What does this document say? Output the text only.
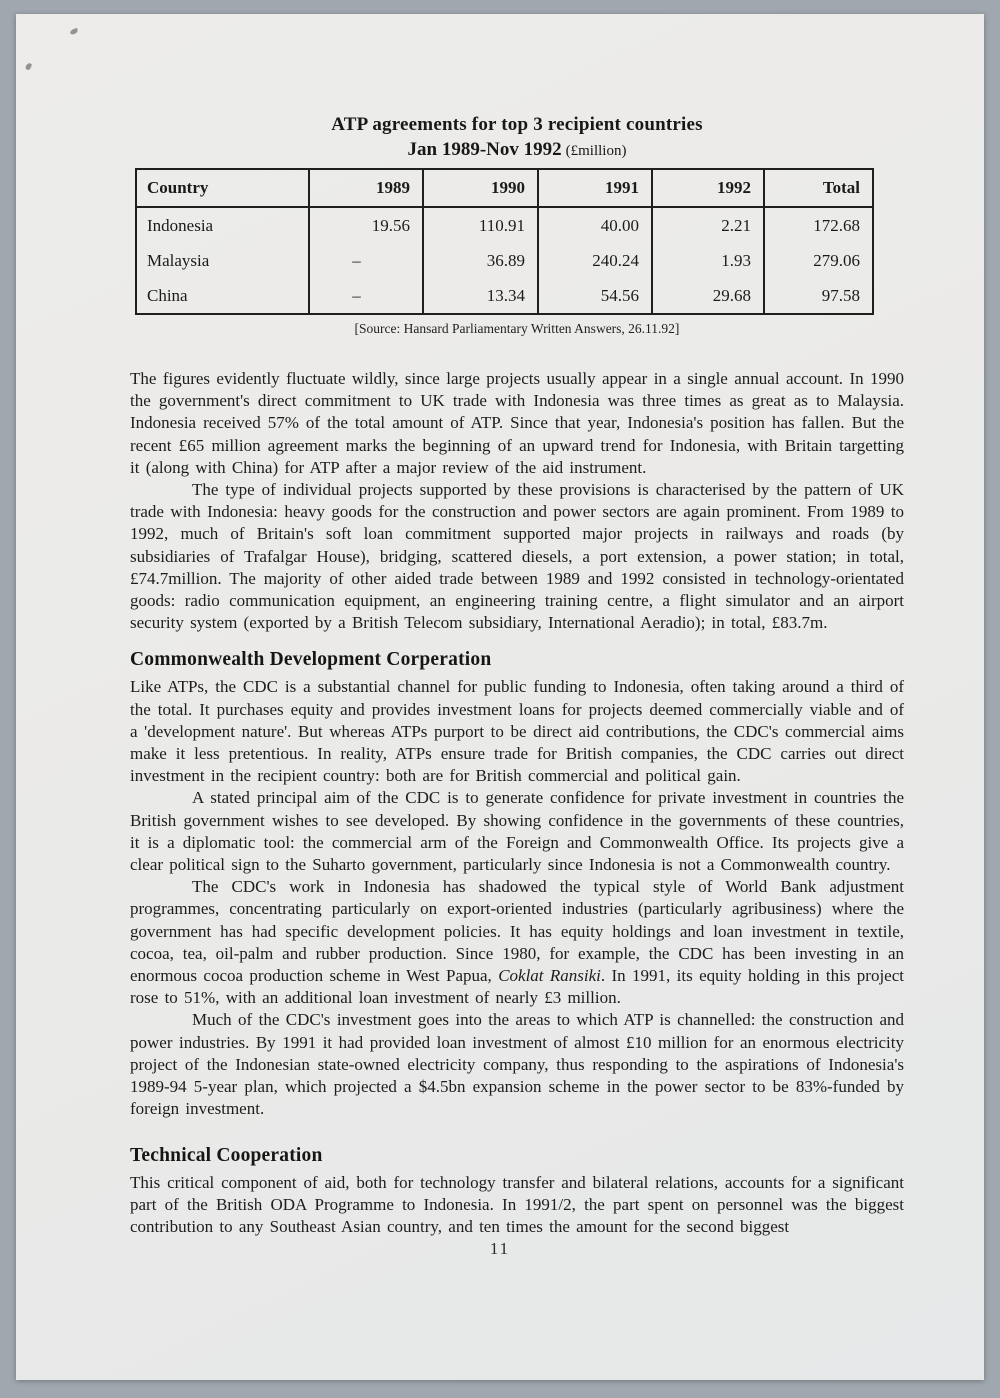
ATP agreements for top 3 recipient countries
Jan 1989-Nov 1992 (£million)
Country	1989	1990	1991	1992	Total
Indonesia	19.56	110.91	40.00	2.21	172.68
Malaysia	–	36.89	240.24	1.93	279.06
China	–	13.34	54.56	29.68	97.58
[Source: Hansard Parliamentary Written Answers, 26.11.92]

The figures evidently fluctuate wildly, since large projects usually appear in a single annual account. In 1990 the government's direct commitment to UK trade with Indonesia was three times as great as to Malaysia. Indonesia received 57% of the total amount of ATP. Since that year, Indonesia's position has fallen. But the recent £65 million agreement marks the beginning of an upward trend for Indonesia, with Britain targetting it (along with China) for ATP after a major review of the aid instrument.

The type of individual projects supported by these provisions is characterised by the pattern of UK trade with Indonesia: heavy goods for the construction and power sectors are again prominent. From 1989 to 1992, much of Britain's soft loan commitment supported major projects in railways and roads (by subsidiaries of Trafalgar House), bridging, scattered diesels, a port extension, a power station; in total, £74.7million. The majority of other aided trade between 1989 and 1992 consisted in technology-orientated goods: radio communication equipment, an engineering training centre, a flight simulator and an airport security system (exported by a British Telecom subsidiary, International Aeradio); in total, £83.7m.

Commonwealth Development Corperation

Like ATPs, the CDC is a substantial channel for public funding to Indonesia, often taking around a third of the total. It purchases equity and provides investment loans for projects deemed commercially viable and of a 'development nature'. But whereas ATPs purport to be direct aid contributions, the CDC's commercial aims make it less pretentious. In reality, ATPs ensure trade for British companies, the CDC carries out direct investment in the recipient country: both are for British commercial and political gain.

A stated principal aim of the CDC is to generate confidence for private investment in countries the British government wishes to see developed. By showing confidence in the governments of these countries, it is a diplomatic tool: the commercial arm of the Foreign and Commonwealth Office. Its projects give a clear political sign to the Suharto government, particularly since Indonesia is not a Commonwealth country.

The CDC's work in Indonesia has shadowed the typical style of World Bank adjustment programmes, concentrating particularly on export-oriented industries (particularly agribusiness) where the government has had specific development policies. It has equity holdings and loan investment in textile, cocoa, tea, oil-palm and rubber production. Since 1980, for example, the CDC has been investing in an enormous cocoa production scheme in West Papua, Coklat Ransiki. In 1991, its equity holding in this project rose to 51%, with an additional loan investment of nearly £3 million.

Much of the CDC's investment goes into the areas to which ATP is channelled: the construction and power industries. By 1991 it had provided loan investment of almost £10 million for an enormous electricity project of the Indonesian state-owned electricity company, thus responding to the aspirations of Indonesia's 1989-94 5-year plan, which projected a $4.5bn expansion scheme in the power sector to be 83%-funded by foreign investment.

Technical Cooperation

This critical component of aid, both for technology transfer and bilateral relations, accounts for a significant part of the British ODA Programme to Indonesia. In 1991/2, the part spent on personnel was the biggest contribution to any Southeast Asian country, and ten times the amount for the second biggest

11
